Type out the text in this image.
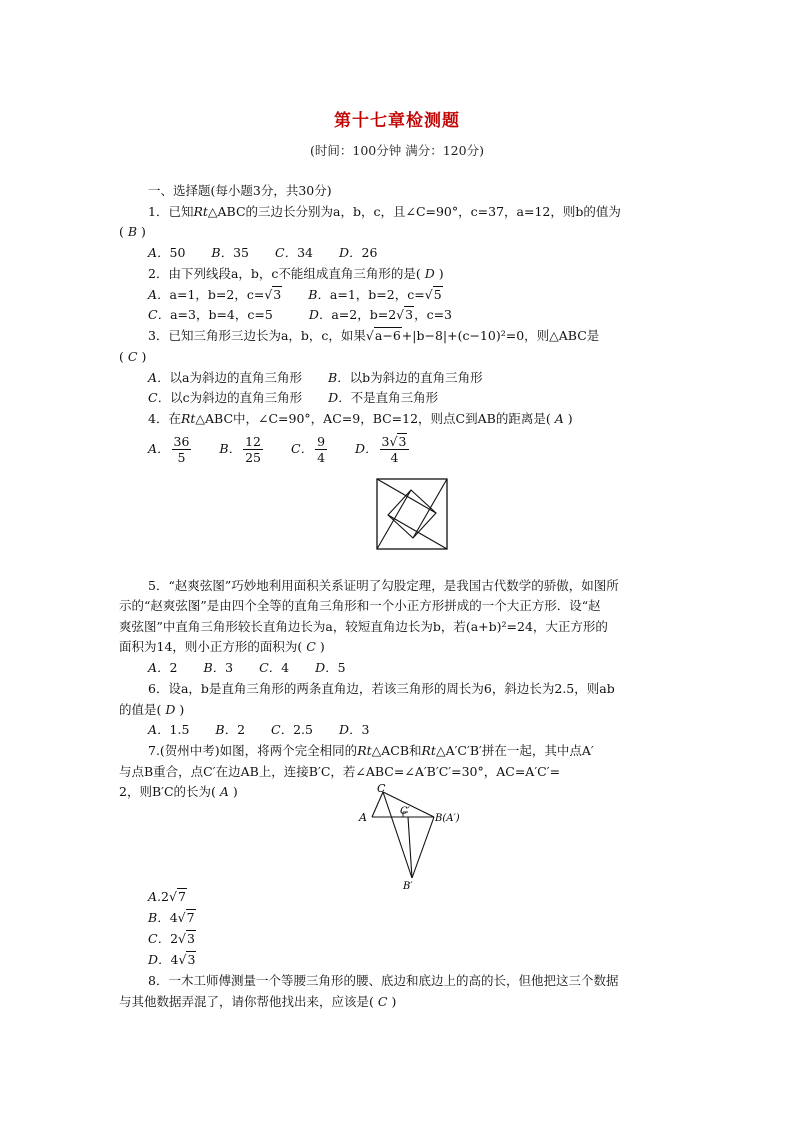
第十七章检测题
(时间：100分钟 满分：120分)
一、选择题(每小题3分，共30分)
1．已知Rt△ABC的三边长分别为a，b，c，且∠C=90°，c=37，a=12，则b的值为
( B )
A．50 B．35 C．34 D．26
2．由下列线段a，b，c不能组成直角三角形的是( D )
A．a=1，b=2，c=√3 B．a=1，b=2，c=√5
C．a=3，b=4，c=5	D．a=2，b=2√3，c=3
3．已知三角形三边长为a，b，c，如果√a−6+|b−8|+(c−10)²=0，则△ABC是
( C )
A．以a为斜边的直角三角形 B．以b为斜边的直角三角形
C．以c为斜边的直角三角形 D．不是直角三角形
4．在Rt△ABC中，∠C=90°，AC=9，BC=12，则点C到AB的距离是( A )
A． $\frac{36}{5}$ B． $\frac{12}{25}$ C． $\frac{9}{4}$ D． $\frac{3√3}{4}$
5．“赵爽弦图”巧妙地利用面积关系证明了勾股定理，是我国古代数学的骄傲，如图所
示的“赵爽弦图”是由四个全等的直角三角形和一个小正方形拼成的一个大正方形．设“赵
爽弦图”中直角三角形较长直角边长为a，较短直角边长为b，若(a+b)²=24，大正方形的
面积为14，则小正方形的面积为( C )
A．2 B．3 C．4 D．5
6．设a，b是直角三角形的两条直角边，若该三角形的周长为6，斜边长为2.5，则ab
的值是( D )
A．1.5 B．2 C．2.5 D．3
7.(贺州中考)如图，将两个完全相同的Rt△ACB和Rt△A′C′B′拼在一起，其中点A′
与点B重合，点C′在边AB上，连接B′C，若∠ABC=∠A′B′C′=30°，AC=A′C′=
2，则B′C的长为( A )	C
A	C′
B(A′)
B′
A.2√7
B．4√7
C．2√3
D．4√3
8．一木工师傅测量一个等腰三角形的腰、底边和底边上的高的长，但他把这三个数据
与其他数据弄混了，请你帮他找出来，应该是( C )
